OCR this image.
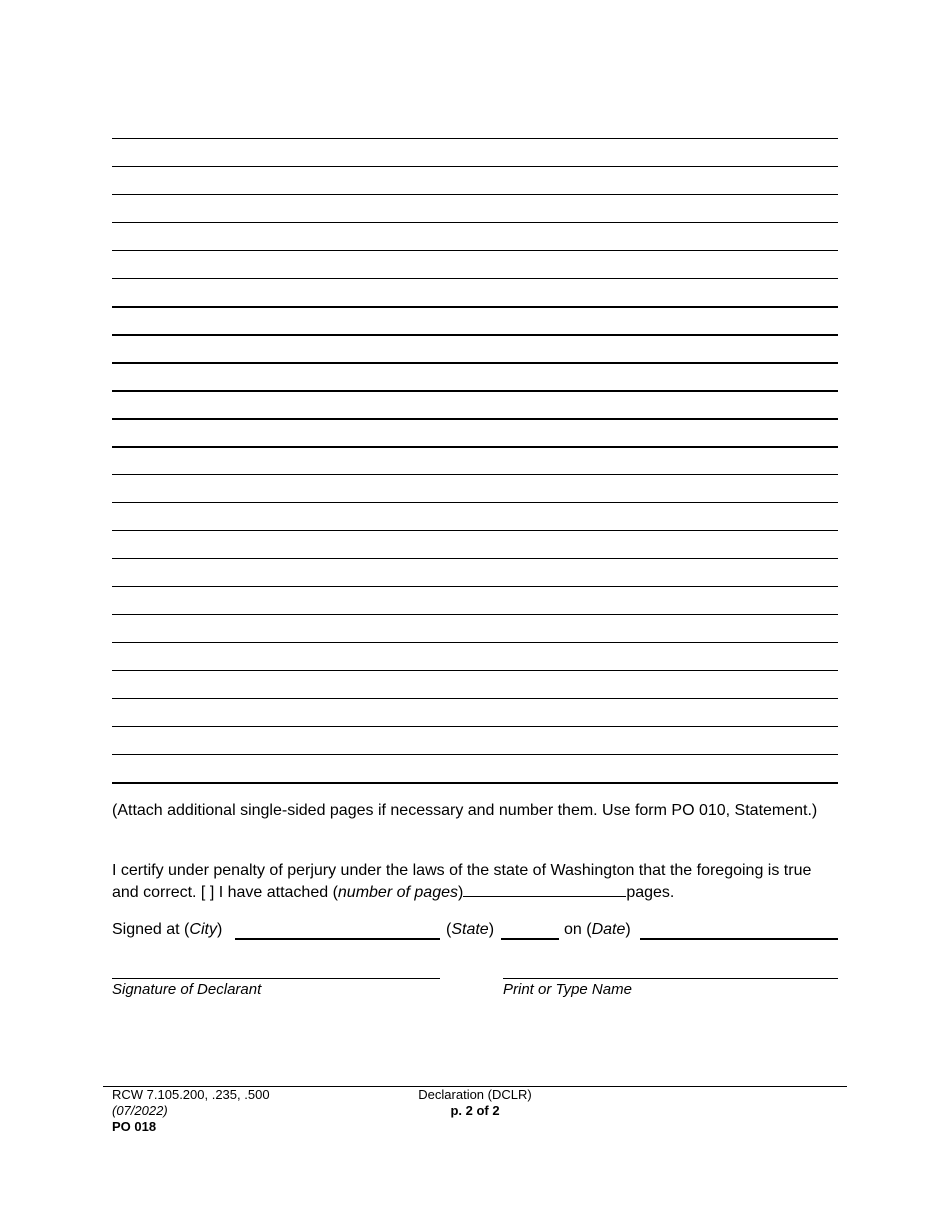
(Attach additional single-sided pages if necessary and number them. Use form PO 010, Statement.)
I certify under penalty of perjury under the laws of the state of Washington that the foregoing is true and correct. [ ] I have attached (number of pages)	pages.
Signed at (City)	(State)	on (Date)
Signature of Declarant	Print or Type Name
RCW 7.105.200, .235, .500
(07/2022)
PO 018
Declaration (DCLR)
p. 2 of 2
